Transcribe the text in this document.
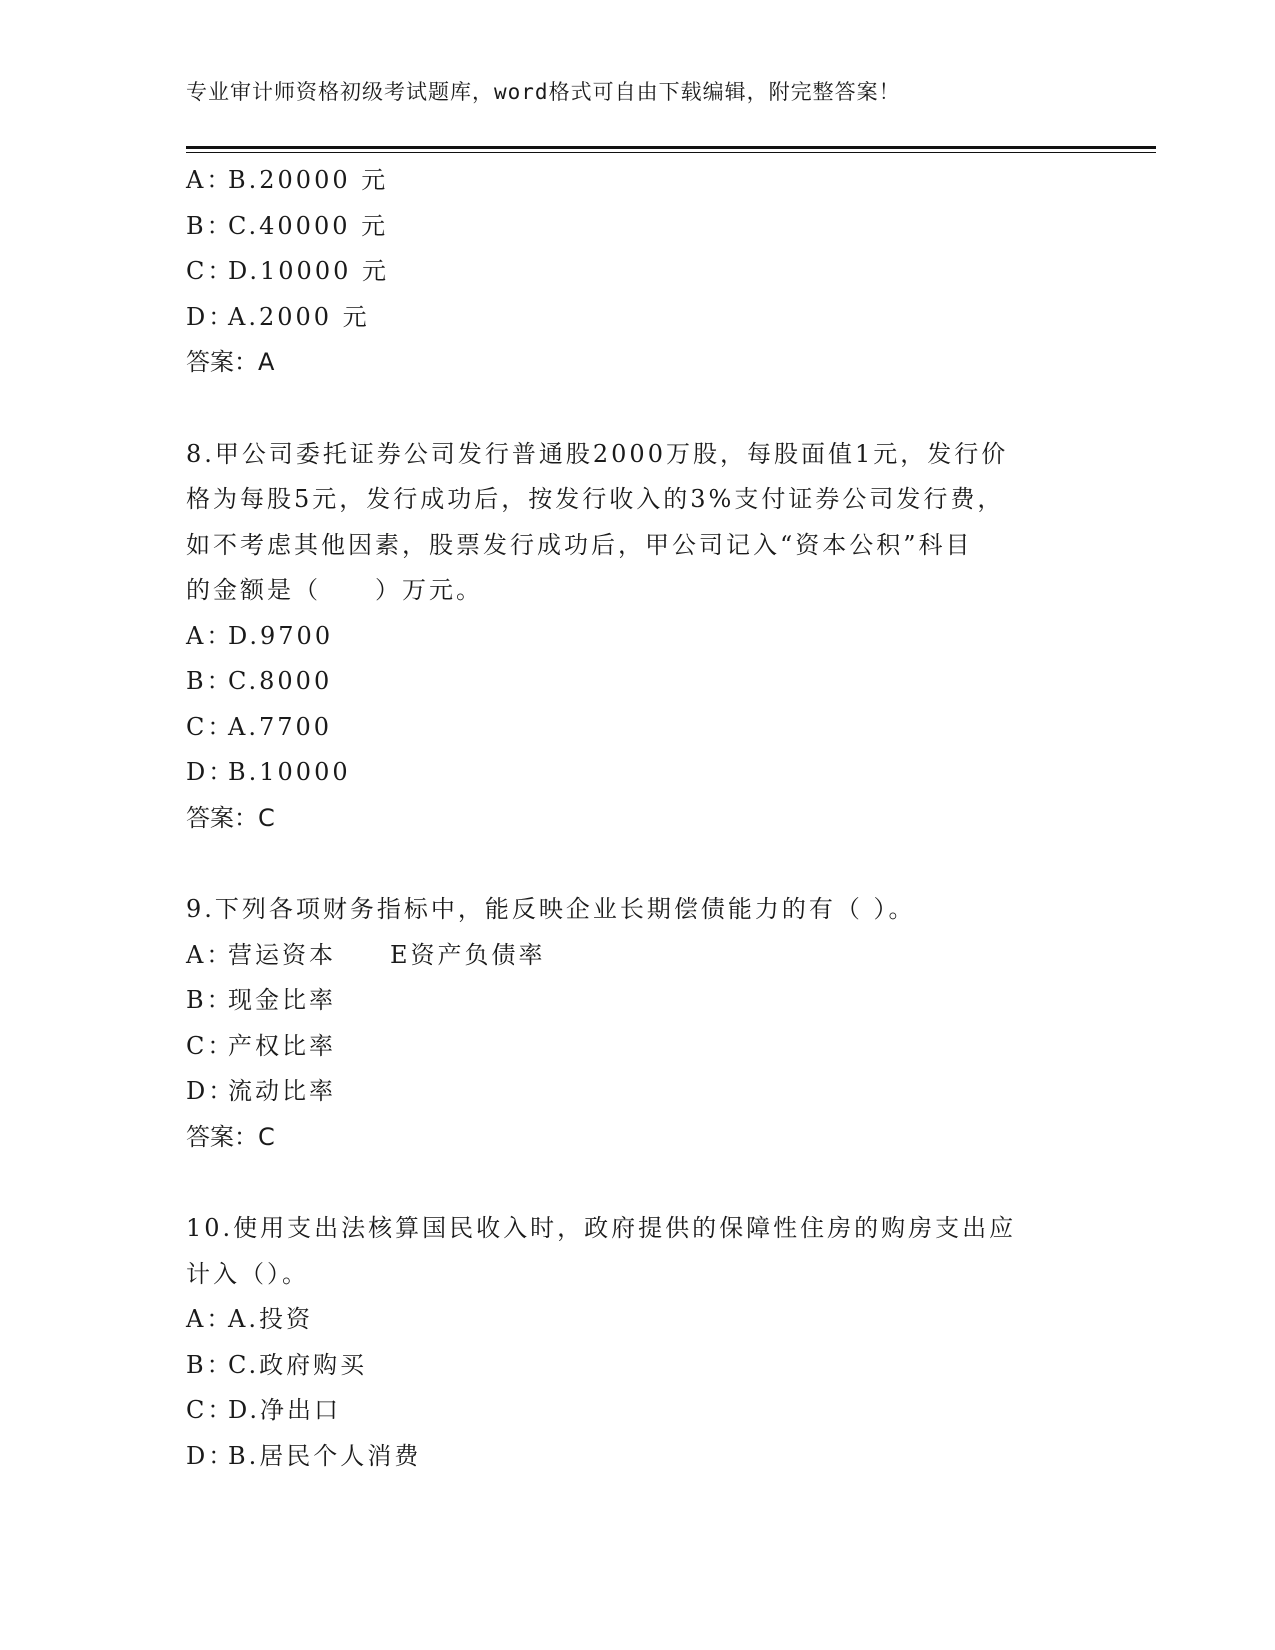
专业审计师资格初级考试题库，word格式可自由下载编辑，附完整答案！
A：B.20000 元
B：C.40000 元
C：D.10000 元
D：A.2000 元
答案：A
8.甲公司委托证券公司发行普通股2000万股，每股面值1元，发行价
格为每股5元，发行成功后，按发行收入的3%支付证券公司发行费，
如不考虑其他因素，股票发行成功后，甲公司记入“资本公积”科目
的金额是（　　）万元。
A：D.9700
B：C.8000
C：A.7700
D：B.10000
答案：C
9.下列各项财务指标中，能反映企业长期偿债能力的有（ ）。
A：营运资本 E资产负债率
B：现金比率
C：产权比率
D：流动比率
答案：C
10.使用支出法核算国民收入时，政府提供的保障性住房的购房支出应
计入（）。
A：A.投资
B：C.政府购买
C：D.净出口
D：B.居民个人消费
